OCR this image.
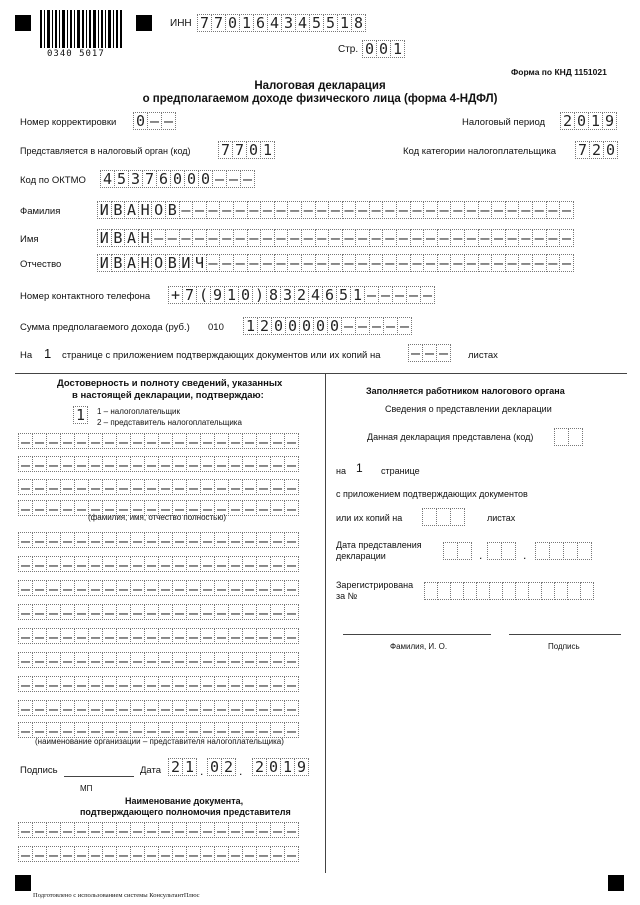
0340 5017
ИНН 7 7 0 1 6 4 3 4 5 5 1 8
Стр. 0 0 1
Форма по КНД 1151021
Налоговая декларация
о предполагаемом доходе физического лица (форма 4-НДФЛ)
Номер корректировки 0 – –	Налоговый период 2 0 1 9
Представляется в налоговый орган (код) 7 7 0 1	Код категории налогоплательщика 7 2 0
Код по ОКТМО 4 5 3 7 6 0 0 0 – – –
Фамилия	И В А Н О В – – – – – – – – – – – – – – – – – – – – – – – – – – – – –
Имя	И В А Н – – – – – – – – – – – – – – – – – – – – – – – – – – – – – – –
Отчество	И В А Н О В И Ч – – – – – – – – – – – – – – – – – – – – – – – – – – –
Номер контактного телефона + 7 ( 9 1 0 ) 8 3 2 4 6 5 1 – – – – –
Сумма предполагаемого дохода (руб.) 010 1 2 0 0 0 0 0 – – – – –
На 1 странице с приложением подтверждающих документов или их копий на – – –	листах
Достоверность и полноту сведений, указанных
в настоящей декларации, подтверждаю:
1	1 – налогоплательщик
2 – представитель налогоплательщика
– – – – – – – – – – – – – – – – – – – –
– – – – – – – – – – – – – – – – – – – –
– – – – – – – – – – – – – – – – – – – –
– – – – – – – – – – – – – – – – – – – –
(фамилия, имя, отчество полностью)
– – – – – – – – – – – – – – – – – – – –
– – – – – – – – – – – – – – – – – – – –
– – – – – – – – – – – – – – – – – – – –
– – – – – – – – – – – – – – – – – – – –
– – – – – – – – – – – – – – – – – – – –
– – – – – – – – – – – – – – – – – – – –
– – – – – – – – – – – – – – – – – – – –
– – – – – – – – – – – – – – – – – – – –
– – – – – – – – – – – – – – – – – – – –
(наименование организации – представителя налогоплательщика)
Подпись	Дата 2 1 . 0 2 . 2 0 1 9
МП
Наименование документа,
подтверждающего полномочия представителя
– – – – – – – – – – – – – – – – – – – –
– – – – – – – – – – – – – – – – – – – –
Заполняется работником налогового органа
Сведения о представлении декларации
Данная декларация представлена (код)
на 1 странице
с приложением подтверждающих документов
или их копий на	листах
Дата представления
декларации	.	.
Зарегистрирована
за №
Фамилия, И. О.	Подпись
Подготовлено с использованием системы КонсультантПлюс
